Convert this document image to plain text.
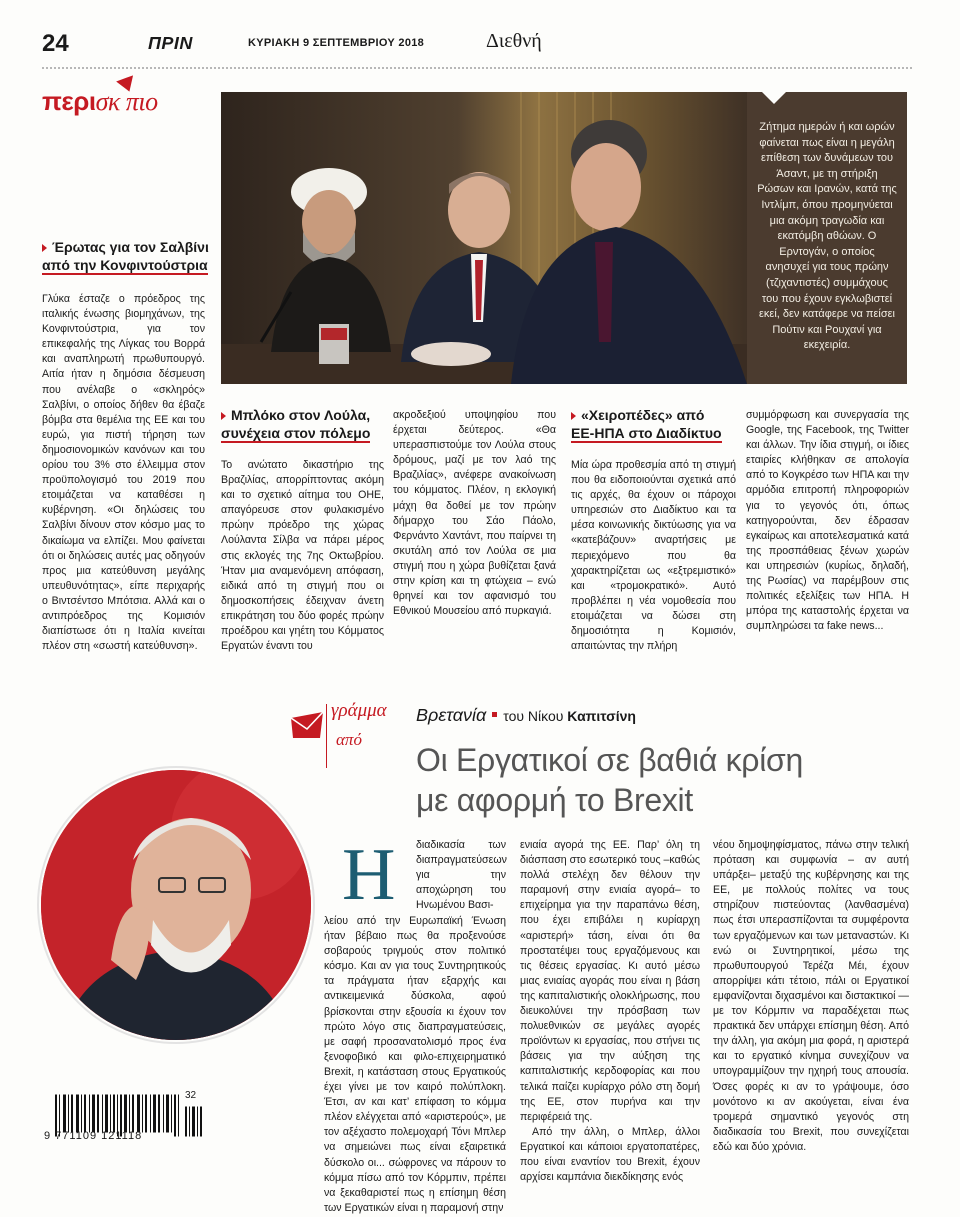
24	ΠΡΙΝ	ΚΥΡΙΑΚΗ 9 ΣΕΠΤΕΜΒΡΙΟΥ 2018	Διεθνή
περισκ πιο
Ζήτημα ημερών ή και ωρών φαίνεται πως είναι η μεγάλη επίθεση των δυνάμεων του Άσαντ, με τη στήριξη Ρώσων και Ιρανών, κατά της Ιντλίμπ, όπου προμηνύεται μια ακόμη τραγωδία και εκατόμβη αθώων. Ο Ερντογάν, ο οποίος ανησυχεί για τους πρώην (τζιχαντιστές) συμμάχους του που έχουν εγκλωβιστεί εκεί, δεν κατάφερε να πείσει Πούτιν και Ρουχανί για εκεχειρία.
Έρωτας για τον Σαλβίνι
από την Κονφιντούστρια
Γλύκα έσταζε ο πρόεδρος της ιταλικής ένωσης βιομηχάνων, της Κονφιντούστρια, για τον επικεφαλής της Λίγκας του Βορρά και αναπληρωτή πρωθυπουργό. Αιτία ήταν η δημόσια δέσμευση που ανέλαβε ο «σκληρός» Σαλβίνι, ο οποίος δήθεν θα έβαζε βόμβα στα θεμέλια της ΕΕ και του ευρώ, για πιστή τήρηση των δημοσιονομικών κανόνων και του ορίου του 3% στο έλλειμμα στον προϋπολογισμό του 2019 που ετοιμάζεται να καταθέσει η κυβέρνηση. «Οι δηλώσεις του Σαλβίνι δίνουν στον κόσμο μας το δικαίωμα να ελπίζει. Μου φαίνεται ότι οι δηλώσεις αυτές μας οδηγούν προς μια κατεύθυνση μεγάλης υπευθυνότητας», είπε περιχαρής ο Βιντσέντσο Μπότσια. Αλλά και ο αντιπρόεδρος της Κομισιόν διαπίστωσε ότι η Ιταλία κινείται πλέον στη «σωστή κατεύθυνση».
Μπλόκο στον Λούλα,
συνέχεια στον πόλεμο
Το ανώτατο δικαστήριο της Βραζιλίας, απορρίπτοντας ακόμη και το σχετικό αίτημα του ΟΗΕ, απαγόρευσε στον φυλακισμένο πρώην πρόεδρο της χώρας Λούλαντα Σίλβα να πάρει μέρος στις εκλογές της 7ης Οκτωβρίου. Ήταν μια αναμενόμενη απόφαση, ειδικά από τη στιγμή που οι δημοσκοπήσεις έδειχναν άνετη επικράτηση του δύο φορές πρώην προέδρου και γηέτη του Κόμματος Εργατών έναντι του
ακροδεξιού υποψηφίου που έρχεται δεύτερος. «Θα υπερασπιστούμε τον Λούλα στους δρόμους, μαζί με τον λαό της Βραζιλίας», ανέφερε ανακοίνωση του κόμματος. Πλέον, η εκλογική μάχη θα δοθεί με τον πρώην δήμαρχο του Σάο Πάολο, Φερνάντο Χαντάντ, που παίρνει τη σκυτάλη από τον Λούλα σε μια στιγμή που η χώρα βυθίζεται ξανά στην κρίση και τη φτώχεια – ενώ θρηνεί και τον αφανισμό του Εθνικού Μουσείου από πυρκαγιά.
«Χειροπέδες» από
ΕΕ-ΗΠΑ στο Διαδίκτυο
Μία ώρα προθεσμία από τη στιγμή που θα ειδοποιούνται σχετικά από τις αρχές, θα έχουν οι πάροχοι υπηρεσιών στο Διαδίκτυο και τα μέσα κοινωνικής δικτύωσης για να «κατεβάζουν» αναρτήσεις με περιεχόμενο που θα χαρακτηρίζεται ως «εξτρεμιστικό» και «τρομοκρατικό». Αυτό προβλέπει η νέα νομοθεσία που ετοιμάζεται να δώσει στη δημοσιότητα η Κομισιόν, απαιτώντας την πλήρη
συμμόρφωση και συνεργασία της Google, της Facebook, της Twitter και άλλων. Την ίδια στιγμή, οι ίδιες εταιρίες κλήθηκαν σε απολογία από το Κογκρέσο των ΗΠΑ και την αρμόδια επιτροπή πληροφοριών για το γεγονός ότι, όπως κατηγορούνται, δεν έδρασαν εγκαίρως και αποτελεσματικά κατά της προσπάθειας ξένων χωρών και υπηρεσιών (κυρίως, δηλαδή, της Ρωσίας) να παρέμβουν στις πολιτικές εξελίξεις των ΗΠΑ. Η μπόρα της καταστολής έρχεται να συμπληρώσει τα fake news...
γράμμα
από
Βρετανία του Νίκου Καπιτσίνη
Οι Εργατικοί σε βαθιά κρίση
με αφορμή το Brexit
Η διαδικασία των διαπραγματεύσεων για την αποχώρηση του Ηνωμένου Βασι-
λείου από την Ευρωπαϊκή Ένωση ήταν βέβαιο πως θα προξενούσε σοβαρούς τριγμούς στον πολιτικό κόσμο. Και αν για τους Συντηρητικούς τα πράγματα ήταν εξαρχής και αντικειμενικά δύσκολα, αφού βρίσκονται στην εξουσία κι έχουν τον πρώτο λόγο στις διαπραγματεύσεις, με σαφή προσανατολισμό προς ένα ξενοφοβικό και φιλο-επιχειρηματικό Brexit, η κατάσταση στους Εργατικούς έχει γίνει με τον καιρό πολύπλοκη. Έτσι, αν και κατ’ επίφαση το κόμμα πλέον ελέγχεται από «αριστερούς», με τον αξέχαστο πολεμοχαρή Τόνι Μπλερ να σημειώνει πως είναι εξαιρετικά δύσκολο οι... σώφρονες να πάρουν το κόμμα πίσω από τον Κόρμπιν, πρέπει να ξεκαθαριστεί πως η επίσημη θέση των Εργατικών είναι η παραμονή στην
ενιαία αγορά της ΕΕ. Παρ’ όλη τη διάσπαση στο εσωτερικό τους –καθώς πολλά στελέχη δεν θέλουν την παραμονή στην ενιαία αγορά– το επιχείρημα για την παραπάνω θέση, που έχει επιβάλει η κυρίαρχη «αριστερή» τάση, είναι ότι θα προστατέψει τους εργαζόμενους και τις θέσεις εργασίας. Κι αυτό μέσω μιας ενιαίας αγοράς που είναι η βάση της καπιταλιστικής ολοκλήρωσης, που διευκολύνει την πρόσβαση των πολυεθνικών σε μεγάλες αγορές προϊόντων κι εργασίας, που στήνει τις βάσεις για την αύξηση της καπιταλιστικής κερδοφορίας και που τελικά παίζει κυρίαρχο ρόλο στη δομή της ΕΕ, στον πυρήνα και την περιφέρειά της.
Από την άλλη, ο Μπλερ, άλλοι Εργατικοί και κάποιοι εργατοπατέρες, που είναι εναντίον του Brexit, έχουν αρχίσει καμπάνια διεκδίκησης ενός
νέου δημοψηφίσματος, πάνω στην τελική πρόταση και συμφωνία – αν αυτή υπάρξει– μεταξύ της κυβέρνησης και της ΕΕ, με πολλούς πολίτες να τους στηρίζουν πιστεύοντας (λανθασμένα) πως έτσι υπερασπίζονται τα συμφέροντα των εργαζόμενων και των μεταναστών. Κι ενώ οι Συντηρητικοί, μέσω της πρωθυπουργού Τερέζα Μέι, έχουν απορρίψει κάτι τέτοιο, πάλι οι Εργατικοί εμφανίζονται διχασμένοι και διστακτικοί — με τον Κόρμπιν να παραδέχεται πως πρακτικά δεν υπάρχει επίσημη θέση. Από την άλλη, για ακόμη μια φορά, η αριστερά και το εργατικό κίνημα συνεχίζουν να υπογραμμίζουν την ηχηρή τους απουσία. Όσες φορές κι αν το γράψουμε, όσο μονότονο κι αν ακούγεται, είναι ένα τρομερά σημαντικό γεγονός στη διαδικασία του Brexit, που συνεχίζεται εδώ και δύο χρόνια.
32
9 771109 121118
